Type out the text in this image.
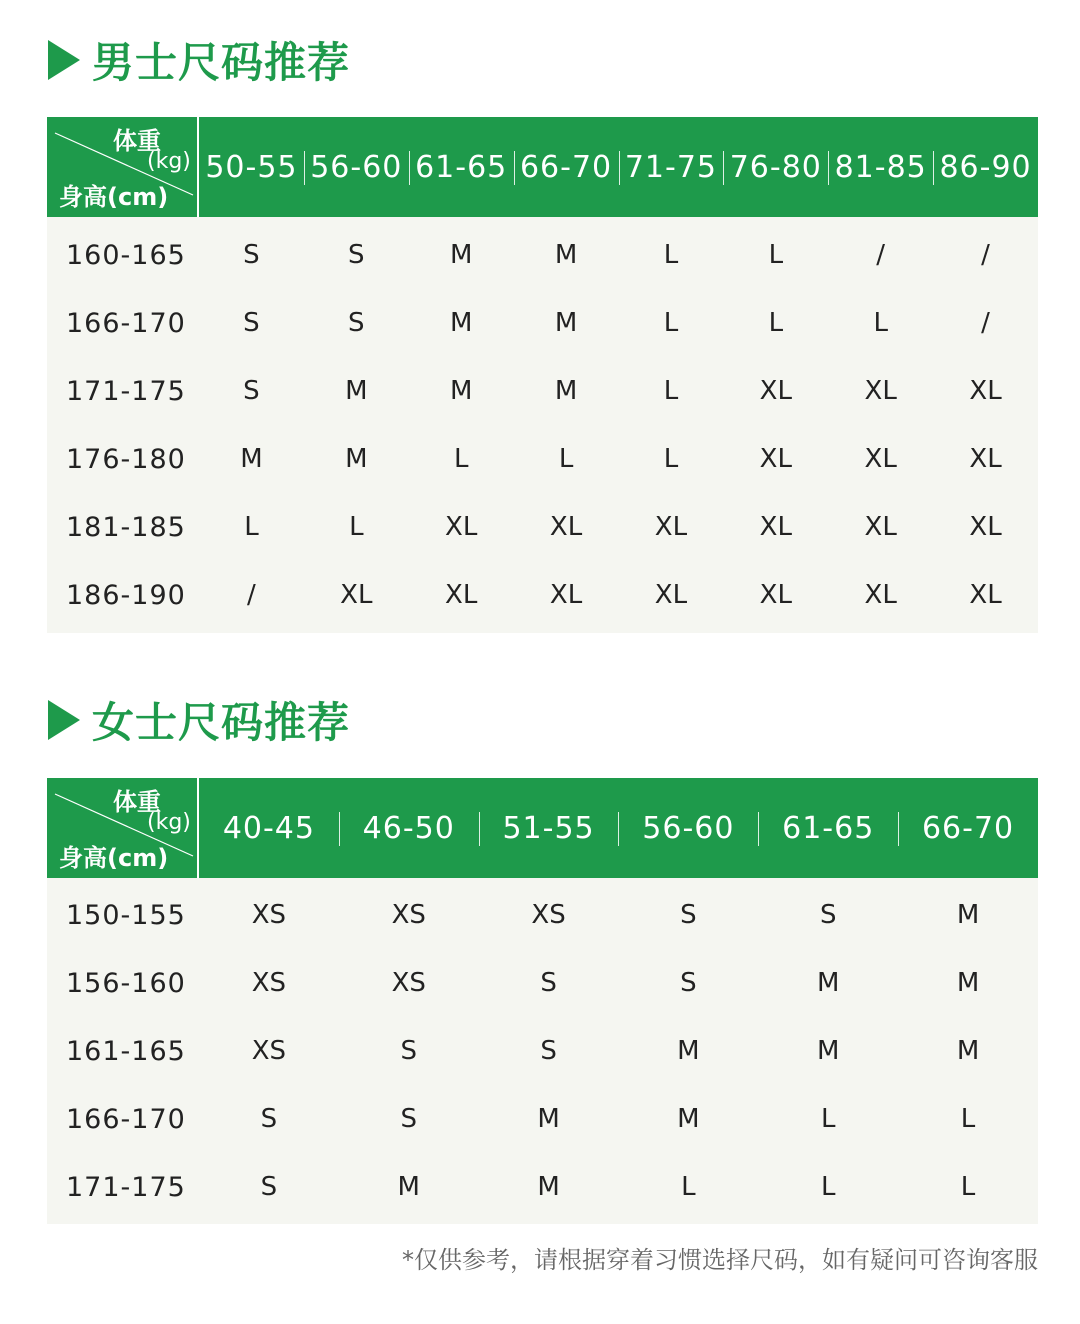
男士尺码推荐
体重
(kg)
身高(cm)
50-55 56-60 61-65 66-70 71-75 76-80 81-85 86-90
160-165	S	S	M	M	L	L	/	/
166-170	S	S	M	M	L	L	L	/
171-175	S	M	M	M	L	XL	XL	XL
176-180	M	M	L	L	L	XL	XL	XL
181-185	L	L	XL	XL	XL	XL	XL	XL
186-190	/	XL	XL	XL	XL	XL	XL	XL
女士尺码推荐
体重
(kg)
身高(cm)
40-45	46-50	51-55	56-60	61-65	66-70
150-155	XS	XS	XS	S	S	M
156-160	XS	XS	S	S	M	M
161-165	XS	S	S	M	M	M
166-170	S	S	M	M	L	L
171-175	S	M	M	L	L	L
*仅供参考，请根据穿着习惯选择尺码，如有疑问可咨询客服
